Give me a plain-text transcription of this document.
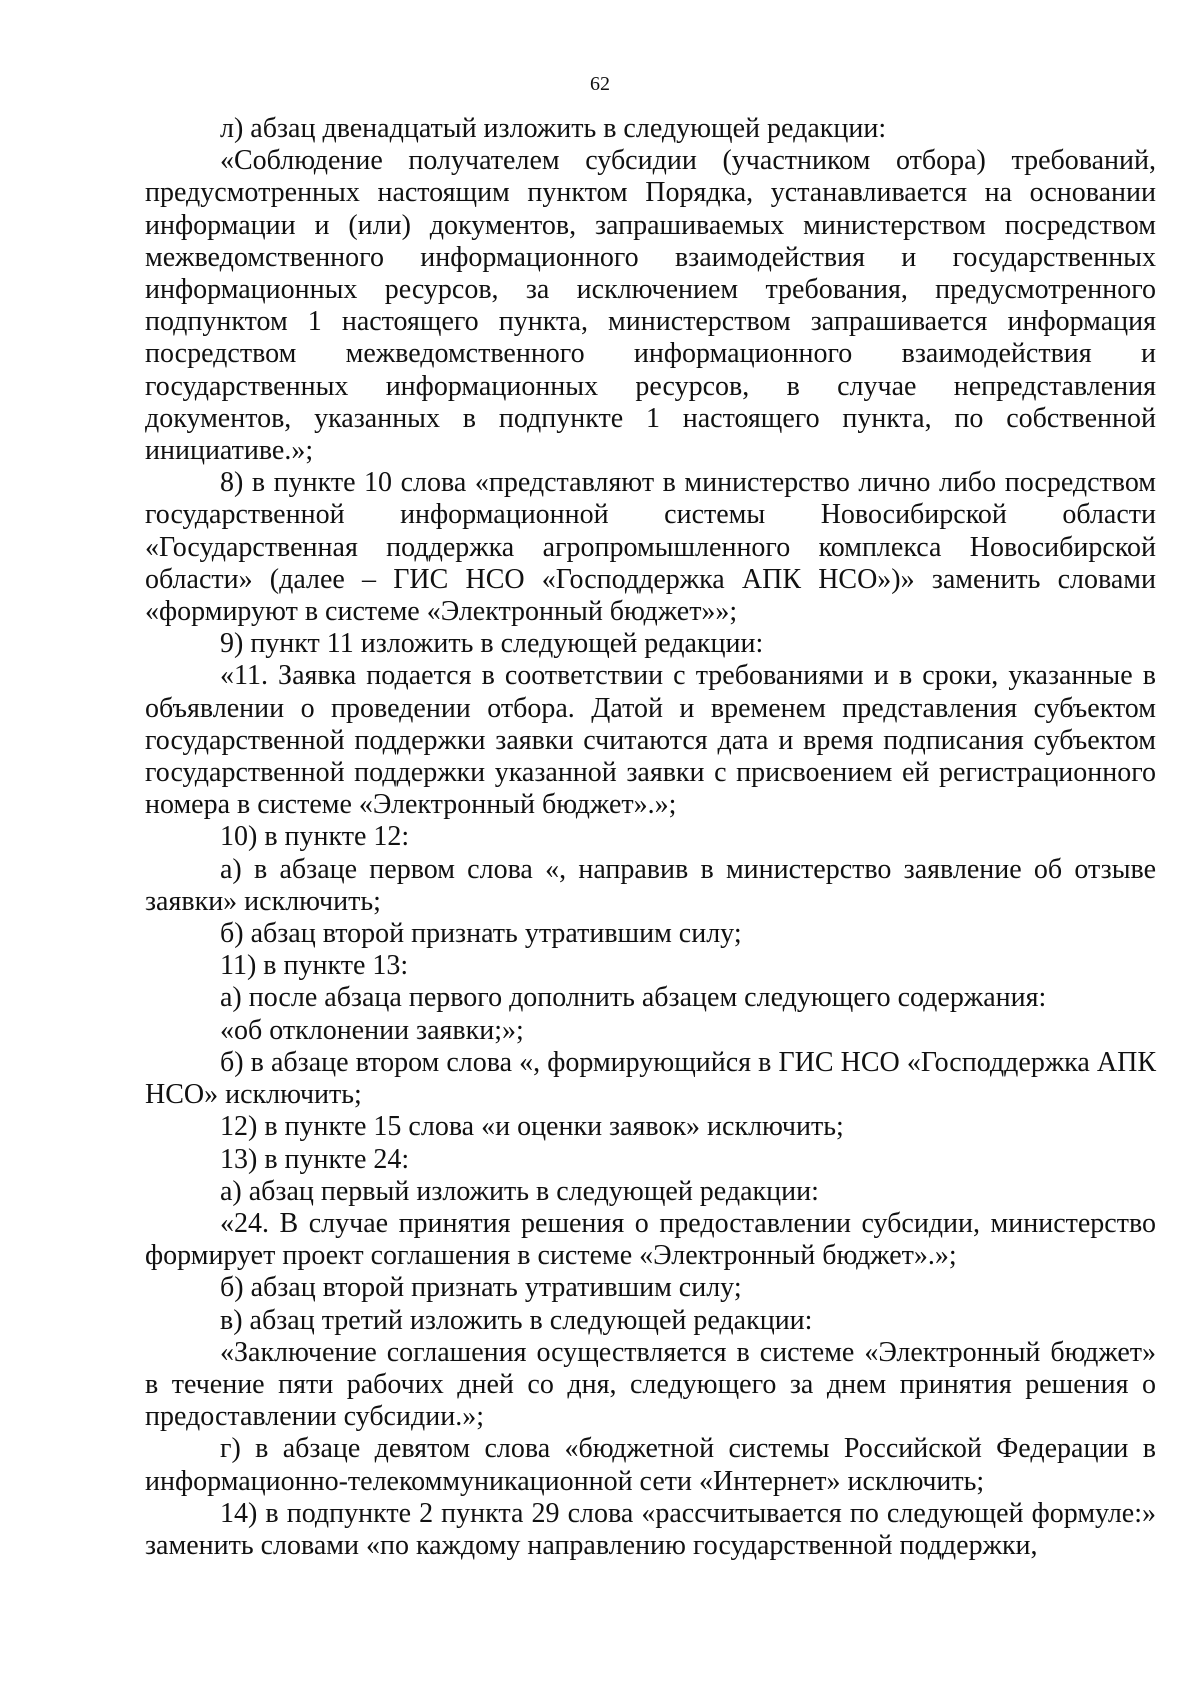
62

л) абзац двенадцатый изложить в следующей редакции:

«Соблюдение получателем субсидии (участником отбора) требований, предусмотренных настоящим пунктом Порядка, устанавливается на основании информации и (или) документов, запрашиваемых министерством посредством межведомственного информационного взаимодействия и государственных информационных ресурсов, за исключением требования, предусмотренного подпунктом 1 настоящего пункта, министерством запрашивается информация посредством межведомственного информационного взаимодействия и государственных информационных ресурсов, в случае непредставления документов, указанных в подпункте 1 настоящего пункта, по собственной инициативе.»;

8) в пункте 10 слова «представляют в министерство лично либо посредством государственной информационной системы Новосибирской области «Государственная поддержка агропромышленного комплекса Новосибирской области» (далее – ГИС НСО «Господдержка АПК НСО»)» заменить словами «формируют в системе «Электронный бюджет»»;

9) пункт 11 изложить в следующей редакции:

«11. Заявка подается в соответствии с требованиями и в сроки, указанные в объявлении о проведении отбора. Датой и временем представления субъектом государственной поддержки заявки считаются дата и время подписания субъектом государственной поддержки указанной заявки с присвоением ей регистрационного номера в системе «Электронный бюджет».»;

10) в пункте 12:

а) в абзаце первом слова «, направив в министерство заявление об отзыве заявки» исключить;

б) абзац второй признать утратившим силу;

11) в пункте 13:

а) после абзаца первого дополнить абзацем следующего содержания:

«об отклонении заявки;»;

б) в абзаце втором слова «, формирующийся в ГИС НСО «Господдержка АПК НСО» исключить;

12) в пункте 15 слова «и оценки заявок» исключить;

13) в пункте 24:

а) абзац первый изложить в следующей редакции:

«24. В случае принятия решения о предоставлении субсидии, министерство формирует проект соглашения в системе «Электронный бюджет».»;

б) абзац второй признать утратившим силу;

в) абзац третий изложить в следующей редакции:

«Заключение соглашения осуществляется в системе «Электронный бюджет» в течение пяти рабочих дней со дня, следующего за днем принятия решения о предоставлении субсидии.»;

г) в абзаце девятом слова «бюджетной системы Российской Федерации в информационно-телекоммуникационной сети «Интернет» исключить;

14) в подпункте 2 пункта 29 слова «рассчитывается по следующей формуле:» заменить словами «по каждому направлению государственной поддержки,
